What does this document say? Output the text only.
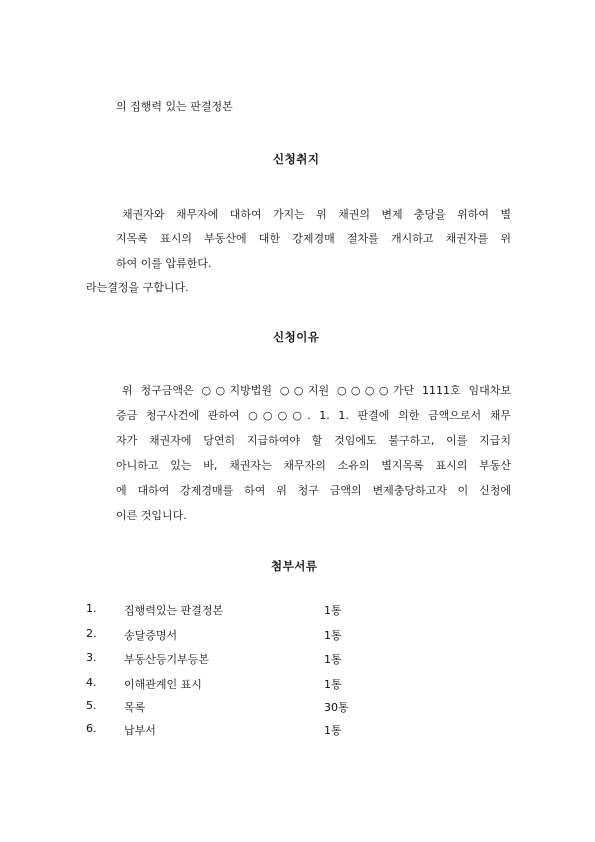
의 집행력 있는 판결정본
신청취지
채권자와 채무자에 대하여 가지는 위 채권의 변제 충당을 위하여 별
지목록 표시의 부동산에 대한 강제경매 절차를 개시하고 채권자를 위
하여 이를 압류한다.
라는결정을 구합니다.
신청이유
위 청구금액은 ○○지방법원 ○○지원 ○○○○가단 1111호 임대차보
증금 청구사건에 관하여 ○○○○. 1. 1. 판결에 의한 금액으로서 채무
자가 채권자에 당연히 지급하여야 할 것임에도 불구하고, 이를 지급치
아니하고 있는 바, 채권자는 채무자의 소유의 별지목록 표시의 부동산
에 대하여 강제경매를 하여 위 청구 금액의 변제충당하고자 이 신청에
이른 것입니다.
첨부서류
1.	집행력있는 판결정본	1통
2.	송달증명서	1통
3.	부동산등기부등본	1통
4.	이해관계인 표시	1통
5.	목록	30통
6.	납부서	1통
